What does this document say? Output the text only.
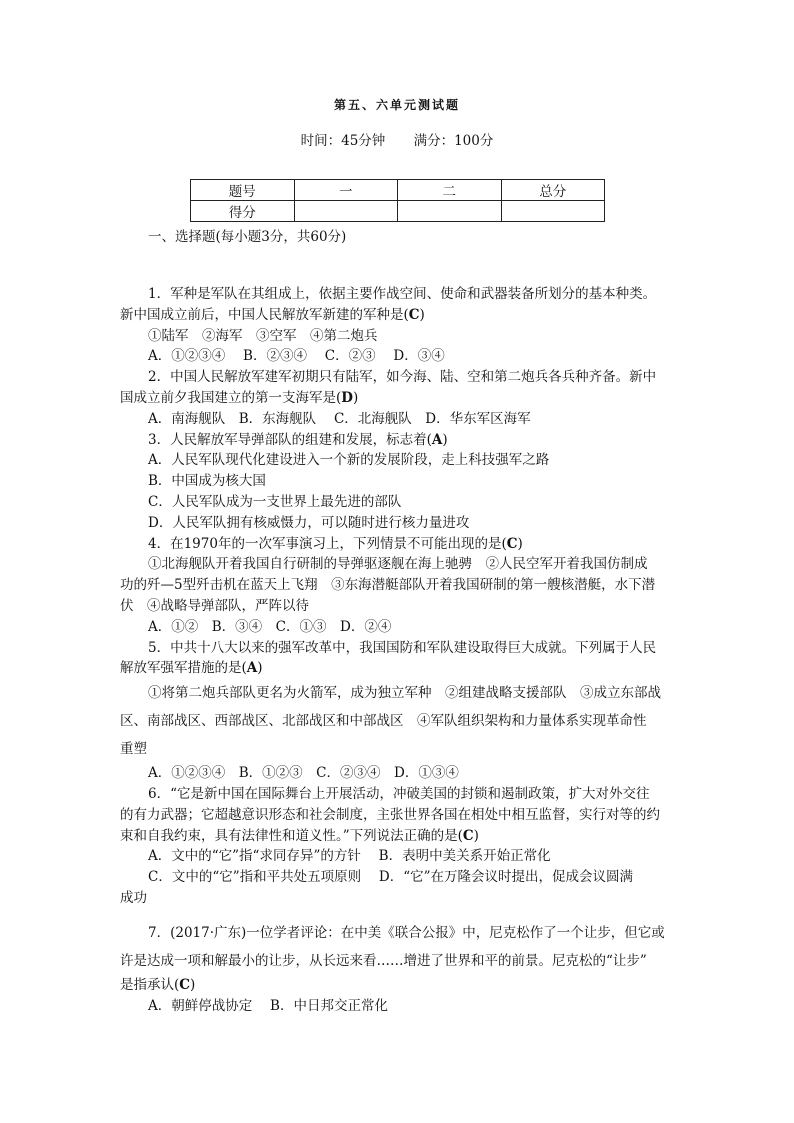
第五、六单元测试题
时间：45分钟 满分：100分
题号	一	二	总分
得分			
一、选择题(每小题3分，共60分)

1．军种是军队在其组成上，依据主要作战空间、使命和武器装备所划分的基本种类。

新中国成立前后，中国人民解放军新建的军种是(C)

①陆军　②海军　③空军　④第二炮兵

A．①②③④　 B．②③④　 C．②③　 D．③④

2．中国人民解放军建军初期只有陆军，如今海、陆、空和第二炮兵各兵种齐备。新中

国成立前夕我国建立的第一支海军是(D)

A．南海舰队　B．东海舰队　 C．北海舰队　D．华东军区海军

3．人民解放军导弹部队的组建和发展，标志着(A)

A．人民军队现代化建设进入一个新的发展阶段，走上科技强军之路

B．中国成为核大国

C．人民军队成为一支世界上最先进的部队

D．人民军队拥有核威慑力，可以随时进行核力量进攻

4．在1970年的一次军事演习上，下列情景不可能出现的是(C)

①北海舰队开着我国自行研制的导弹驱逐舰在海上驰骋　②人民空军开着我国仿制成

功的歼—5型歼击机在蓝天上飞翔　③东海潜艇部队开着我国研制的第一艘核潜艇，水下潜

伏　④战略导弹部队，严阵以待

A．①②　B．③④　C．①③　D．②④

5．中共十八大以来的强军改革中，我国国防和军队建设取得巨大成就。下列属于人民

解放军强军措施的是(A)

①将第二炮兵部队更名为火箭军，成为独立军种　②组建战略支援部队　③成立东部战

区、南部战区、西部战区、北部战区和中部战区　④军队组织架构和力量体系实现革命性

重塑

A．①②③④　B．①②③　C．②③④　D．①③④

6．“它是新中国在国际舞台上开展活动，冲破美国的封锁和遏制政策，扩大对外交往

的有力武器；它超越意识形态和社会制度，主张世界各国在相处中相互监督，实行对等的约

束和自我约束，具有法律性和道义性。”下列说法正确的是(C)

A．文中的“它”指“求同存异”的方针　 B．表明中美关系开始正常化

C．文中的“它”指和平共处五项原则　 D．“它”在万隆会议时提出，促成会议圆满

成功

7．(2017·广东)一位学者评论：在中美《联合公报》中，尼克松作了一个让步，但它或

许是达成一项和解最小的让步，从长远来看……增进了世界和平的前景。尼克松的“让步”

是指承认(C)

A．朝鲜停战协定　 B．中日邦交正常化
